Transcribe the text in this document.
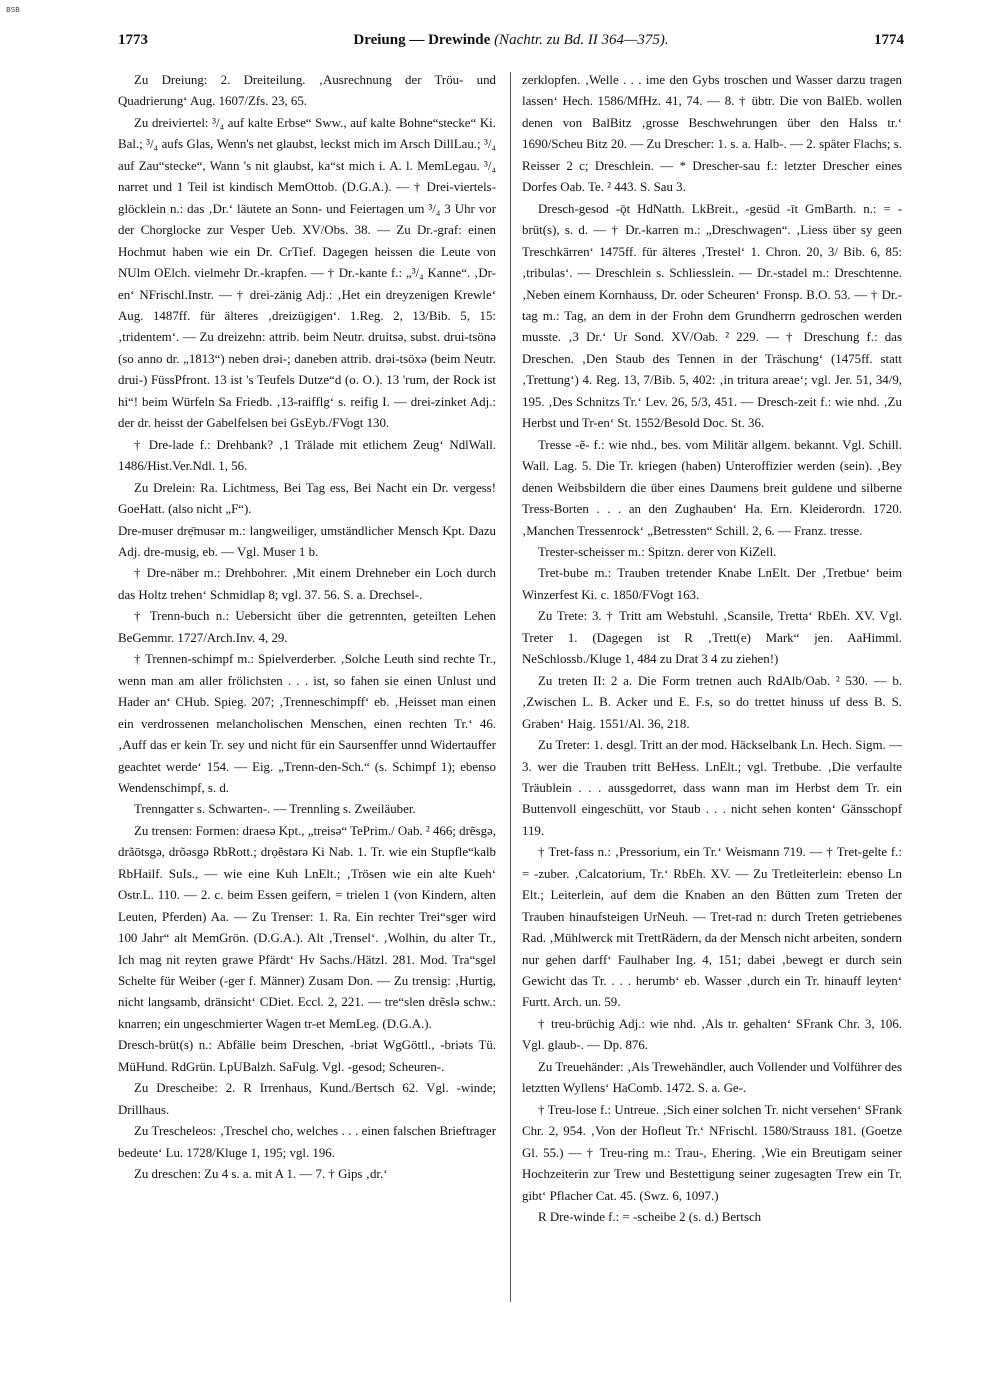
BSB
1773	Dreiung — Drewinde (Nachtr. zu Bd. II 364—375).	1774

Zu Dreiung: 2. Dreiteilung. ‚Ausrechnung der Tröu- und Quadrierung‘ Aug. 1607/Zfs. 23, 65.

Zu dreiviertel: ³/₄ auf kalte Erbse“ Sww., auf kalte Bohne“stecke“ Ki. Bal.; ³/₄ aufs Glas, Wenn's net glaubst, leckst mich im Arsch DillLau.; ³/₄ auf Zau“stecke“, Wann 's nit glaubst, ka“st mich i. A. l. MemLegau. ³/₄ narret und 1 Teil ist kindisch MemOttob. (D.G.A.). — † Drei-viertels-glöcklein n.: das ‚Dr.‘ läutete an Sonn- und Feiertagen um ³/₄ 3 Uhr vor der Chorglocke zur Vesper Ueb. XV/Obs. 38. — Zu Dr.-graf: einen Hochmut haben wie ein Dr. CrTief. Dagegen heissen die Leute von NUlm OElch. vielmehr Dr.-krapfen. — † Dr.-kante f.: „³/₄ Kanne“. ‚Dr-en‘ NFrischl.Instr. — † drei-zänig Adj.: ‚Het ein dreyzenigen Krewle‘ Aug. 1487ff. für älteres ‚dreizügigen‘. 1.Reg. 2, 13/Bib. 5, 15: ‚tridentem‘. — Zu dreizehn: attrib. beim Neutr. druitsə, subst. drui-tsönə (so anno dr. „1813“) neben drəi-; daneben attrib. drəi-tsöxə (beim Neutr. drui-) FüssPfront. 13 ist 's Teufels Dutze“d (o. O.). 13 'rum, der Rock ist hi“! beim Würfeln Sa Friedb. ‚13-raifflg‘ s. reifig I. — drei-zinket Adj.: der dr. heisst der Gabelfelsen bei GsEyb./FVogt 130.

† Dre-lade f.: Drehbank? ‚1 Trälade mit etlichem Zeug‘ NdlWall. 1486/Hist.Ver.Ndl. 1, 56.

Zu Drelein: Ra. Lichtmess, Bei Tag ess, Bei Nacht ein Dr. vergess! GoeHatt. (also nicht „F“).

Dre-muser drẹ̄musər m.: langweiliger, umständlicher Mensch Kpt. Dazu Adj. dre-musig, eb. — Vgl. Muser 1 b.

† Dre-näber m.: Drehbohrer. ‚Mit einem Drehneber ein Loch durch das Holtz trehen‘ Schmidlap 8; vgl. 37. 56. S. a. Drechsel-.

† Trenn-buch n.: Uebersicht über die getrennten, geteilten Lehen BeGemmr. 1727/Arch.Inv. 4, 29.

† Trennen-schimpf m.: Spielverderber. ‚Solche Leuth sind rechte Tr., wenn man am aller frölichsten . . . ist, so fahen sie einen Unlust und Hader an‘ CHub. Spieg. 207; ‚Trenneschimpff‘ eb. ‚Heisset man einen ein verdrossenen melancholischen Menschen, einen rechten Tr.‘ 46. ‚Auff das er kein Tr. sey und nicht für ein Saursenffer unnd Widertauffer geachtet werde‘ 154. — Eig. „Trenn-den-Sch.“ (s. Schimpf 1); ebenso Wendenschimpf, s. d.

Trenngatter s. Schwarten-. — Trennling s. Zweiläuber.

Zu trensen: Formen: draesə Kpt., „treisə“ TePrim./ Oab. ² 466; drẽsgə, drãōtsgə, drõəsgə RbRott.; drọẽstərə Ki Nab. 1. Tr. wie ein Stupfle“kalb RbHailf. SuIs., — wie eine Kuh LnElt.; ‚Trösen wie ein alte Kueh‘ Ostr.L. 110. — 2. c. beim Essen geifern, = trielen 1 (von Kindern, alten Leuten, Pferden) Aa. — Zu Trenser: 1. Ra. Ein rechter Trei“sger wird 100 Jahr“ alt MemGrön. (D.G.A.). Alt ‚Trensel‘. ‚Wolhin, du alter Tr., Ich mag nit reyten grawe Pfärdt‘ Hv Sachs./Hätzl. 281. Mod. Tra“sgel Schelte für Weiber (-ger f. Männer) Zusam Don. — Zu trensig: ‚Hurtig, nicht langsamb, dränsicht‘ CDiet. Eccl. 2, 221. — tre“slen drẽslə schw.: knarren; ein ungeschmierter Wagen tr-et MemLeg. (D.G.A.).

Dresch-brüt(s) n.: Abfälle beim Dreschen, -briət WgGöttl., -briəts Tü. MüHund. RdGrün. LpUBalzh. SaFulg. Vgl. -gesod; Scheuren-.

Zu Drescheibe: 2. R Irrenhaus, Kund./Bertsch 62. Vgl. -winde; Drillhaus.

Zu Trescheleos: ‚Treschel cho, welches . . . einen falschen Brieftrager bedeute‘ Lu. 1728/Kluge 1, 195; vgl. 196.

Zu dreschen: Zu 4 s. a. mit A 1. — 7. † Gips ‚dr.‘

zerklopfen. ‚Welle . . . ime den Gybs troschen und Wasser darzu tragen lassen‘ Hech. 1586/MfHz. 41, 74. — 8. † übtr. Die von BalEb. wollen denen von BalBitz ‚grosse Beschwehrungen über den Halss tr.‘ 1690/Scheu Bitz 20. — Zu Drescher: 1. s. a. Halb-. — 2. später Flachs; s. Reisser 2 c; Dreschlein. — * Drescher-sau f.: letzter Drescher eines Dorfes Oab. Te. ² 443. S. Sau 3.

Dresch-gesod -ǭt HdNatth. LkBreit., -gesüd -īt GmBarth. n.: = -brüt(s), s. d. — † Dr.-karren m.: „Dreschwagen“. ‚Liess über sy geen Treschkärren‘ 1475ff. für älteres ‚Trestel‘ 1. Chron. 20, 3/ Bib. 6, 85: ‚tribulas‘. — Dreschlein s. Schliesslein. — Dr.-stadel m.: Dreschtenne. ‚Neben einem Kornhauss, Dr. oder Scheuren‘ Fronsp. B.O. 53. — † Dr.-tag m.: Tag, an dem in der Frohn dem Grundherrn gedroschen werden musste. ‚3 Dr.‘ Ur Sond. XV/Oab. ² 229. — † Dreschung f.: das Dreschen. ‚Den Staub des Tennen in der Träschung‘ (1475ff. statt ‚Trettung‘) 4. Reg. 13, 7/Bib. 5, 402: ‚in tritura areae‘; vgl. Jer. 51, 34/9, 195. ‚Des Schnitzs Tr.‘ Lev. 26, 5/3, 451. — Dresch-zeit f.: wie nhd. ‚Zu Herbst und Tr-en‘ St. 1552/Besold Doc. St. 36.

Tresse -ẽ- f.: wie nhd., bes. vom Militär allgem. bekannt. Vgl. Schill. Wall. Lag. 5. Die Tr. kriegen (haben) Unteroffizier werden (sein). ‚Bey denen Weibsbildern die über eines Daumens breit guldene und silberne Tress-Borten . . . an den Zughauben‘ Ha. Ern. Kleiderordn. 1720. ‚Manchen Tressenrock‘ „Betressten“ Schill. 2, 6. — Franz. tresse.

Trester-scheisser m.: Spitzn. derer von KiZell.

Tret-bube m.: Trauben tretender Knabe LnElt. Der ‚Tretbue‘ beim Winzerfest Ki. c. 1850/FVogt 163.

Zu Trete: 3. † Tritt am Webstuhl. ‚Scansile, Tretta‘ RbEh. XV. Vgl. Treter 1. (Dagegen ist R ‚Trett(e) Mark“ jen. AaHimml. NeSchlossb./Kluge 1, 484 zu Drat 3 4 zu ziehen!)

Zu treten II: 2 a. Die Form tretnen auch RdAlb/Oab. ² 530. — b. ‚Zwischen L. B. Acker und E. F.s, so do trettet hinuss uf dess B. S. Graben‘ Haig. 1551/Al. 36, 218.

Zu Treter: 1. desgl. Tritt an der mod. Häckselbank Ln. Hech. Sigm. — 3. wer die Trauben tritt BeHess. LnElt.; vgl. Tretbube. ‚Die verfaulte Träublein . . . aussgedorret, dass wann man im Herbst dem Tr. ein Buttenvoll eingeschütt, vor Staub . . . nicht sehen konten‘ Gänsschopf 119.

† Tret-fass n.: ‚Pressorium, ein Tr.‘ Weismann 719. — † Tret-gelte f.: = -zuber. ‚Calcatorium, Tr.‘ RbEh. XV. — Zu Tretleiterlein: ebenso Ln Elt.; Leiterlein, auf dem die Knaben an den Bütten zum Treten der Trauben hinaufsteigen UrNeuh. — Tret-rad n: durch Treten getriebenes Rad. ‚Mühlwerck mit TrettRädern, da der Mensch nicht arbeiten, sondern nur gehen darff‘ Faulhaber Ing. 4, 151; dabei ‚bewegt er durch sein Gewicht das Tr. . . . herumb‘ eb. Wasser ‚durch ein Tr. hinauff leyten‘ Furtt. Arch. un. 59.

† treu-brüchig Adj.: wie nhd. ‚Als tr. gehalten‘ SFrank Chr. 3, 106. Vgl. glaub-. — Dp. 876.

Zu Treuehänder: ‚Als Trewehändler, auch Vollender und Volführer des letztten Wyllens‘ HaComb. 1472. S. a. Ge-.

† Treu-lose f.: Untreue. ‚Sich einer solchen Tr. nicht versehen‘ SFrank Chr. 2, 954. ‚Von der Hofleut Tr.‘ NFrischl. 1580/Strauss 181. (Goetze Gl. 55.) — † Treu-ring m.: Trau-, Ehering. ‚Wie ein Breutigam seiner Hochzeiterin zur Trew und Bestettigung seiner zugesagten Trew ein Tr. gibt‘ Pflacher Cat. 45. (Swz. 6, 1097.)

R Dre-winde f.: = -scheibe 2 (s. d.) Bertsch
